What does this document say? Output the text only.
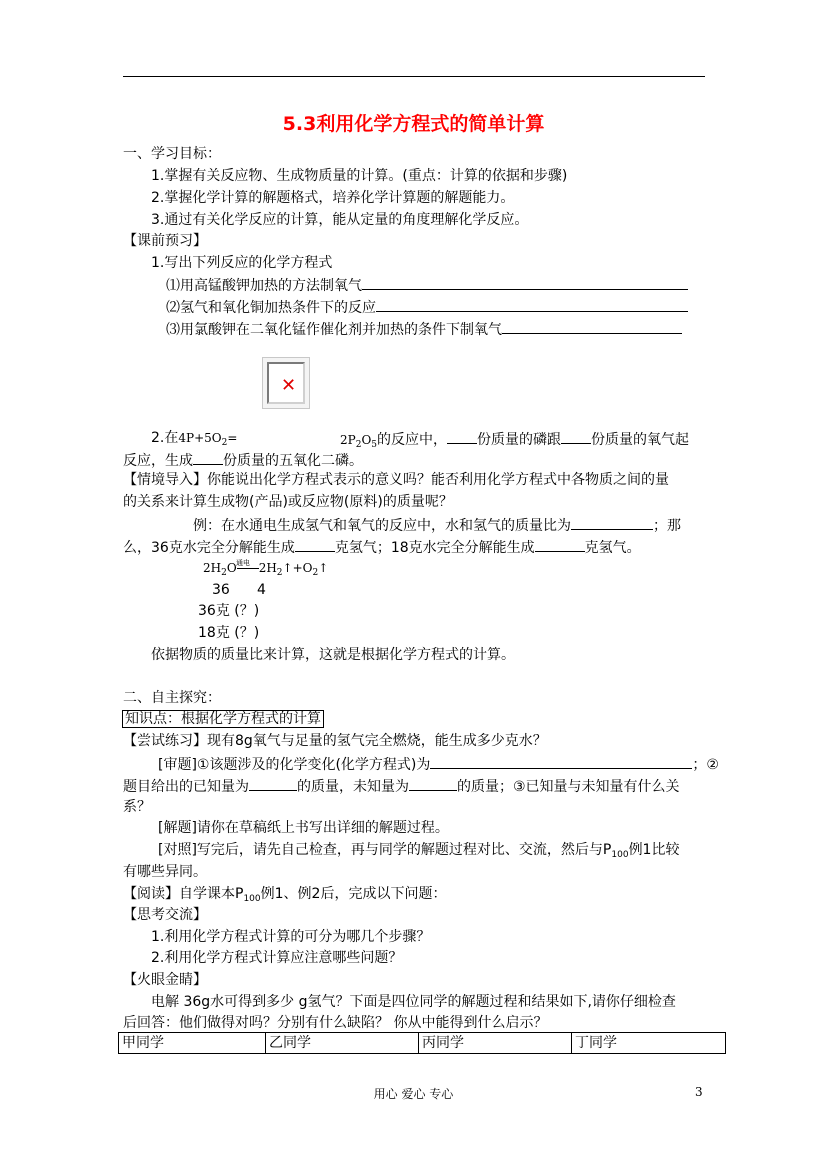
5.3利用化学方程式的简单计算
一、学习目标：
1.掌握有关反应物、生成物质量的计算。(重点：计算的依据和步骤)
2.掌握化学计算的解题格式，培养化学计算题的解题能力。
3.通过有关化学反应的计算，能从定量的角度理解化学反应。
【课前预习】
1.写出下列反应的化学方程式
⑴用高锰酸钾加热的方法制氧气
⑵氢气和氧化铜加热条件下的反应
⑶用氯酸钾在二氧化锰作催化剂并加热的条件下制氧气
✕
2.在$4P+5O_2=$	$2P_2O_5$的反应中， 份质量的磷跟 份质量的氧气起
反应，生成 份质量的五氧化二磷。
【情境导入】你能说出化学方程式表示的意义吗？能否利用化学方程式中各物质之间的量
的关系来计算生成物(产品)或反应物(原料)的质量呢？
例：在水通电生成氢气和氧气的反应中，水和氢气的质量比为	；那
么，36克水完全分解能生成	克氢气；18克水完全分解能生成	克氢气。
$2H_2O$ $2H_2↑+O_2↑$
通电
36 4
36克 (？)
18克 (？)
依据物质的质量比来计算，这就是根据化学方程式的计算。
二、自主探究：
知识点：根据化学方程式的计算
【尝试练习】现有8g氧气与足量的氢气完全燃烧，能生成多少克水？
[审题]①该题涉及的化学变化(化学方程式)为	；②
题目给出的已知量为	的质量，未知量为	的质量；③已知量与未知量有什么关
系？
[解题]请你在草稿纸上书写出详细的解题过程。
[对照]写完后，请先自己检查，再与同学的解题过程对比、交流，然后与$P_{100}$例1比较
有哪些异同。
【阅读】自学课本$P_{100}$例1、例2后，完成以下问题：
【思考交流】
1.利用化学方程式计算的可分为哪几个步骤？
2.利用化学方程式计算应注意哪些问题？
【火眼金睛】
电解 36g水可得到多少 g氢气？下面是四位同学的解题过程和结果如下,请你仔细检查
后回答：他们做得对吗？分别有什么缺陷？ 你从中能得到什么启示？
甲同学	乙同学	丙同学	丁同学
用心 爱心 专心	3
